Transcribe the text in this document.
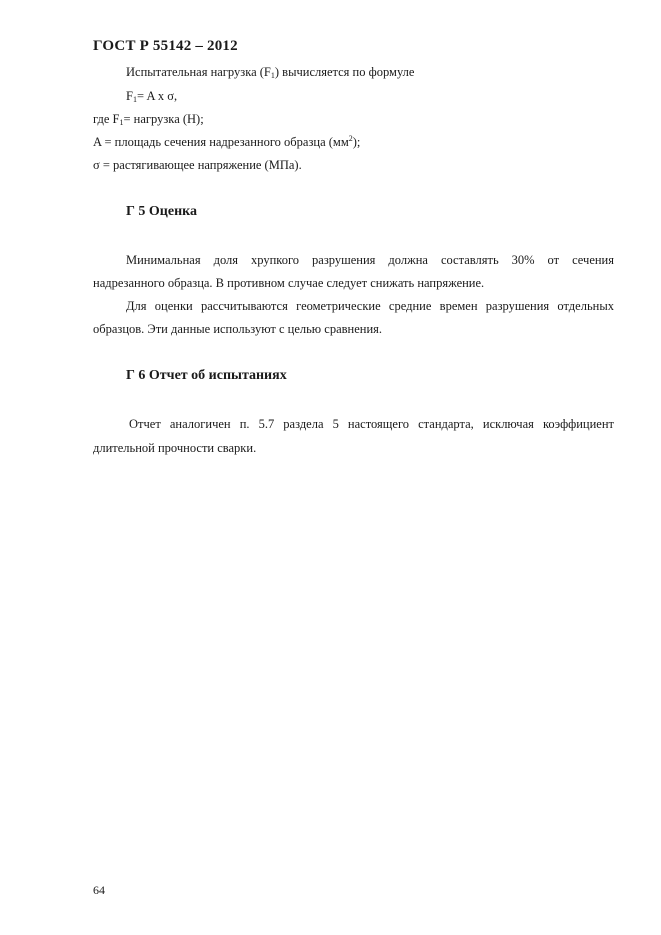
ГОСТ Р 55142 – 2012
Испытательная нагрузка $(F_1)$ вычисляется по формуле
$F_1= A$ x σ,
где $F_1=$ нагрузка (Н);
A = площадь сечения надрезанного образца $(мм^2)$;
σ = растягивающее напряжение (МПа).
Г 5 Оценка
Минимальная доля хрупкого разрушения должна составлять 30% от сечения
надрезанного образца. В противном случае следует снижать напряжение.
Для оценки рассчитываются геометрические средние времен разрушения отдельных
образцов. Эти данные используют с целью сравнения.
Г 6 Отчет об испытаниях
Отчет аналогичен п. 5.7 раздела 5 настоящего стандарта, исключая коэффициент
длительной прочности сварки.
64
